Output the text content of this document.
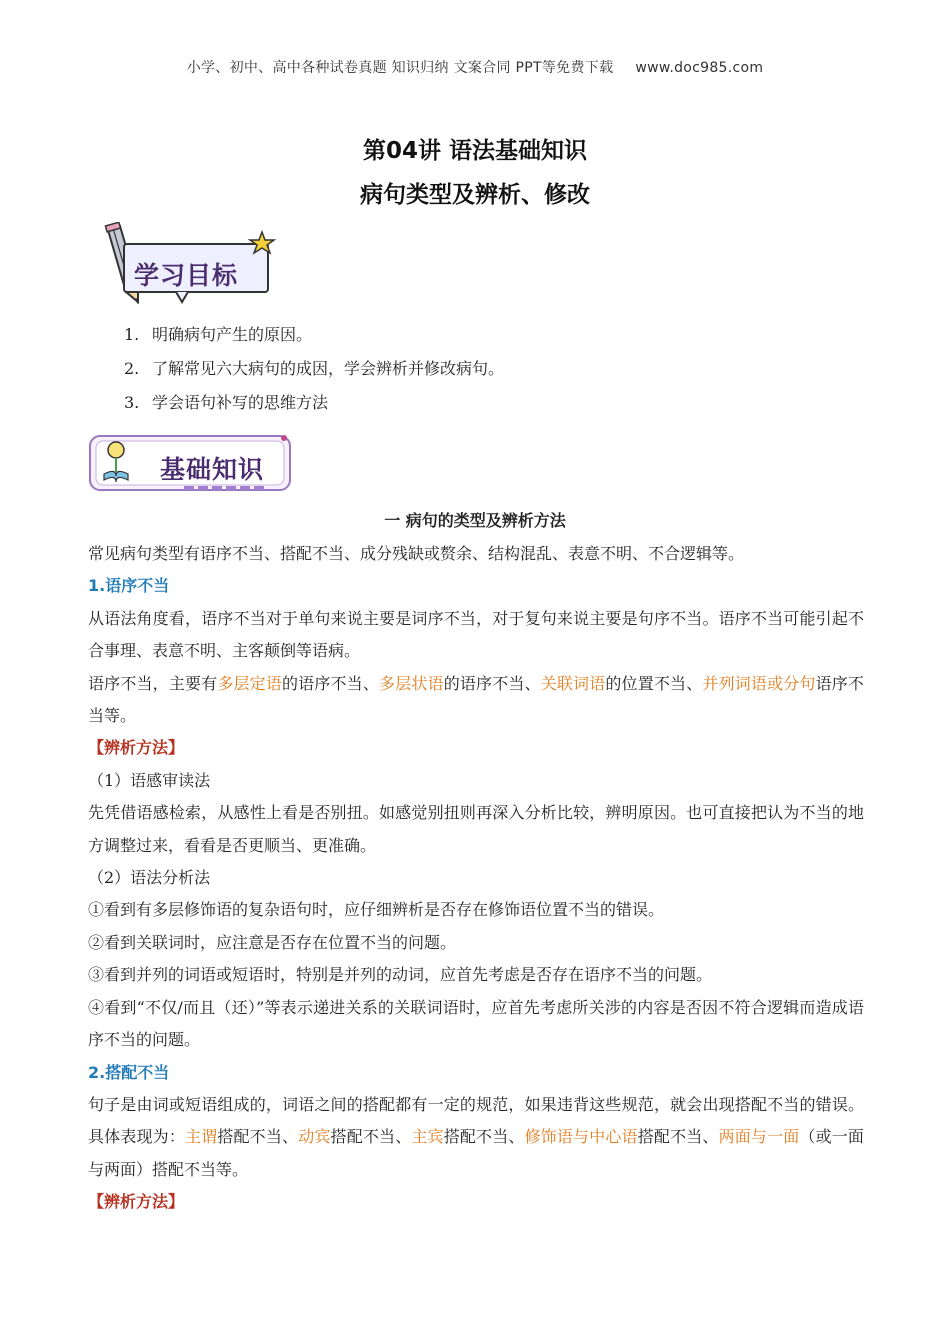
小学、初中、高中各种试卷真题 知识归纳 文案合同 PPT等免费下载 www.doc985.com
第04讲 语法基础知识
病句类型及辨析、修改
学习目标
1. 明确病句产生的原因。
2. 了解常见六大病句的成因，学会辨析并修改病句。
3. 学会语句补写的思维方法
基础知识
一 病句的类型及辨析方法

常见病句类型有语序不当、搭配不当、成分残缺或赘余、结构混乱、表意不明、不合逻辑等。

1.语序不当

从语法角度看，语序不当对于单句来说主要是词序不当，对于复句来说主要是句序不当。语序不当可能引起不合事理、表意不明、主客颠倒等语病。

语序不当，主要有多层定语的语序不当、多层状语的语序不当、关联词语的位置不当、并列词语或分句语序不当等。

【辨析方法】

（1）语感审读法

先凭借语感检索，从感性上看是否别扭。如感觉别扭则再深入分析比较，辨明原因。也可直接把认为不当的地方调整过来，看看是否更顺当、更准确。

（2）语法分析法

①看到有多层修饰语的复杂语句时，应仔细辨析是否存在修饰语位置不当的错误。

②看到关联词时，应注意是否存在位置不当的问题。

③看到并列的词语或短语时，特别是并列的动词，应首先考虑是否存在语序不当的问题。

④看到“不仅/而且（还）”等表示递进关系的关联词语时，应首先考虑所关涉的内容是否因不符合逻辑而造成语序不当的问题。

2.搭配不当

句子是由词或短语组成的，词语之间的搭配都有一定的规范，如果违背这些规范，就会出现搭配不当的错误。具体表现为：主谓搭配不当、动宾搭配不当、主宾搭配不当、修饰语与中心语搭配不当、两面与一面（或一面与两面）搭配不当等。

【辨析方法】
